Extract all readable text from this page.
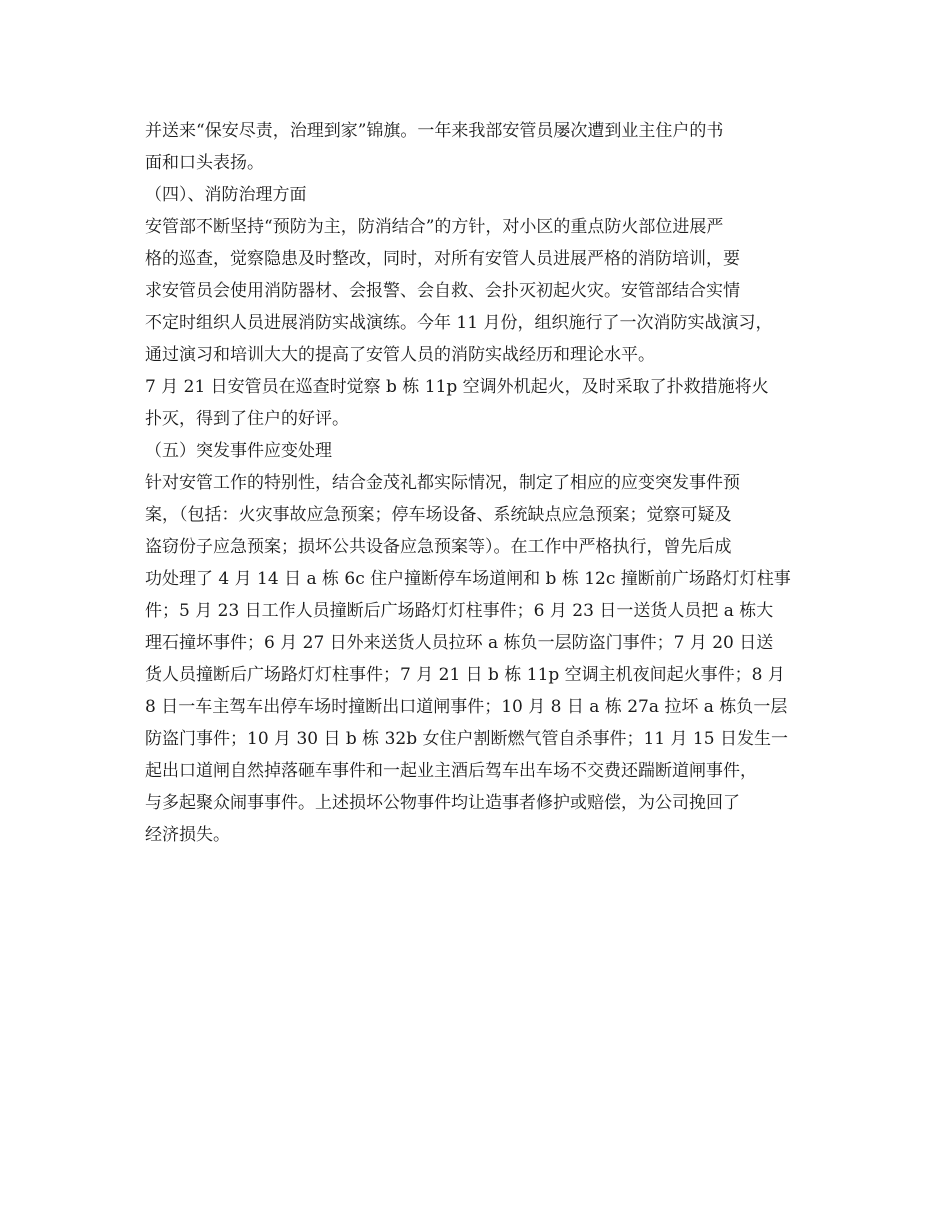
并送来“保安尽责，治理到家”锦旗。一年来我部安管员屡次遭到业主住户的书
面和口头表扬。
（四）、消防治理方面
安管部不断坚持“预防为主，防消结合”的方针，对小区的重点防火部位进展严
格的巡查，觉察隐患及时整改，同时，对所有安管人员进展严格的消防培训，要
求安管员会使用消防器材、会报警、会自救、会扑灭初起火灾。安管部结合实情
不定时组织人员进展消防实战演练。今年 11 月份，组织施行了一次消防实战演习，
通过演习和培训大大的提高了安管人员的消防实战经历和理论水平。
7 月 21 日安管员在巡查时觉察 b 栋 11p 空调外机起火，及时采取了扑救措施将火
扑灭，得到了住户的好评。
（五）突发事件应变处理
针对安管工作的特别性，结合金茂礼都实际情况，制定了相应的应变突发事件预
案，（包括：火灾事故应急预案；停车场设备、系统缺点应急预案；觉察可疑及
盗窃份子应急预案；损坏公共设备应急预案等）。在工作中严格执行，曾先后成
功处理了 4 月 14 日 a 栋 6c 住户撞断停车场道闸和 b 栋 12c 撞断前广场路灯灯柱事
件；5 月 23 日工作人员撞断后广场路灯灯柱事件；6 月 23 日一送货人员把 a 栋大
理石撞坏事件；6 月 27 日外来送货人员拉环 a 栋负一层防盗门事件；7 月 20 日送
货人员撞断后广场路灯灯柱事件；7 月 21 日 b 栋 11p 空调主机夜间起火事件；8 月
8 日一车主驾车出停车场时撞断出口道闸事件；10 月 8 日 a 栋 27a 拉坏 a 栋负一层
防盗门事件；10 月 30 日 b 栋 32b 女住户割断燃气管自杀事件；11 月 15 日发生一
起出口道闸自然掉落砸车事件和一起业主酒后驾车出车场不交费还踹断道闸事件，
与多起聚众闹事事件。上述损坏公物事件均让造事者修护或赔偿，为公司挽回了
经济损失。
